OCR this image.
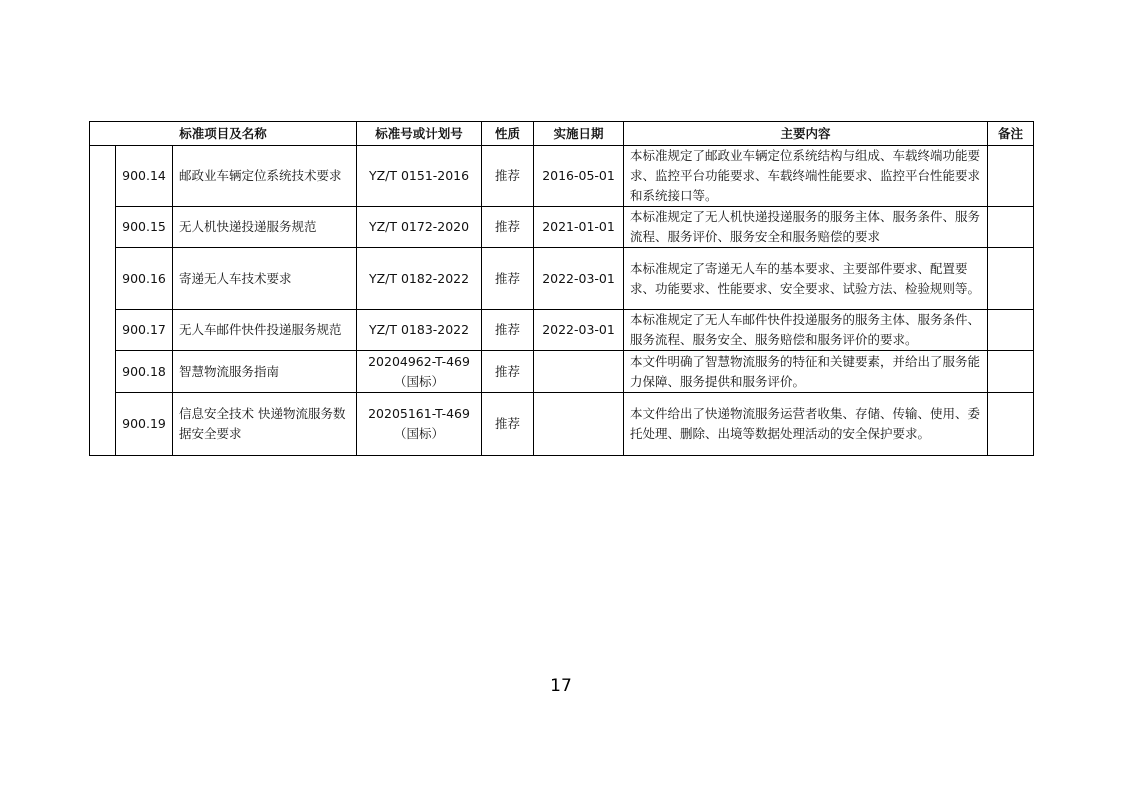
标准项目及名称			标准号或计划号	性质	实施日期	主要内容	备注
	900.14	邮政业车辆定位系统技术要求	YZ/T 0151-2016	推荐	2016-05-01	本标准规定了邮政业车辆定位系统结构与组成、车载终端功能要求、监控平台功能要求、车载终端性能要求、监控平台性能要求和系统接口等。	
	900.15	无人机快递投递服务规范	YZ/T 0172-2020	推荐	2021-01-01	本标准规定了无人机快递投递服务的服务主体、服务条件、服务流程、服务评价、服务安全和服务赔偿的要求	
	900.16	寄递无人车技术要求	YZ/T 0182-2022	推荐	2022-03-01	本标准规定了寄递无人车的基本要求、主要部件要求、配置要求、功能要求、性能要求、安全要求、试验方法、检验规则等。	
	900.17	无人车邮件快件投递服务规范	YZ/T 0183-2022	推荐	2022-03-01	本标准规定了无人车邮件快件投递服务的服务主体、服务条件、服务流程、服务安全、服务赔偿和服务评价的要求。	
	900.18	智慧物流服务指南	20204962-T-469
（国标）	推荐		本文件明确了智慧物流服务的特征和关键要素，并给出了服务能力保障、服务提供和服务评价。	
	900.19	信息安全技术 快递物流服务数据安全要求	20205161-T-469
（国标）	推荐		本文件给出了快递物流服务运营者收集、存储、传输、使用、委托处理、删除、出境等数据处理活动的安全保护要求。	
17
